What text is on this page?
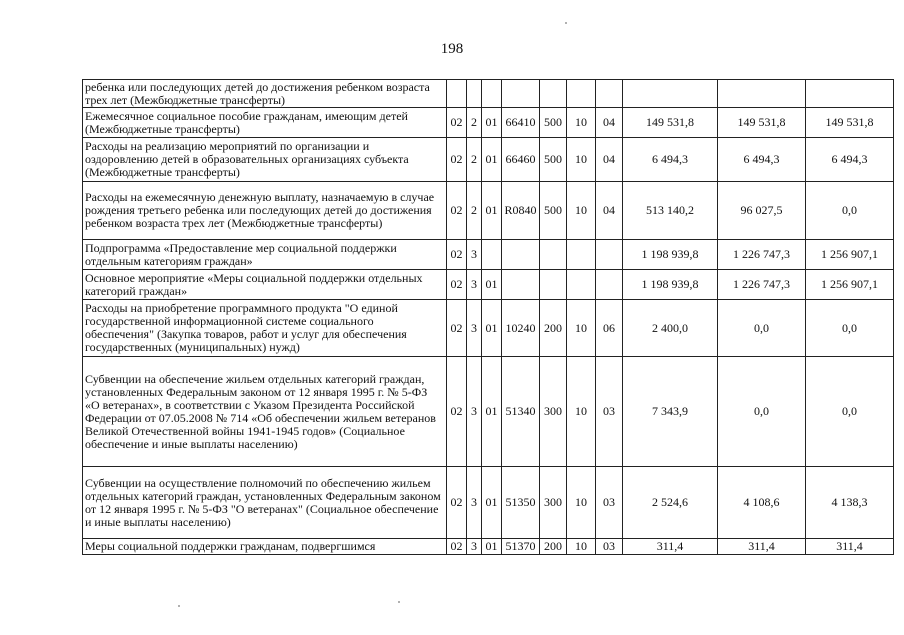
198
ребенка или последующих детей до достижения ребенком возраста трех лет (Межбюджетные трансферты)										
Ежемесячное социальное пособие гражданам, имеющим детей (Межбюджетные трансферты)	02	2	01	66410	500	10	04	149 531,8	149 531,8	149 531,8
Расходы на реализацию мероприятий по организации и оздоровлению детей в образовательных организациях субъекта (Межбюджетные трансферты)	02	2	01	66460	500	10	04	6 494,3	6 494,3	6 494,3
Расходы на ежемесячную денежную выплату, назначаемую в случае рождения третьего ребенка или последующих детей до достижения ребенком возраста трех лет (Межбюджетные трансферты)	02	2	01	R0840	500	10	04	513 140,2	96 027,5	0,0
Подпрограмма «Предоставление мер социальной поддержки отдельным категориям граждан»	02	3						1 198 939,8	1 226 747,3	1 256 907,1
Основное мероприятие «Меры социальной поддержки отдельных категорий граждан»	02	3	01					1 198 939,8	1 226 747,3	1 256 907,1
Расходы на приобретение программного продукта "О единой государственной информационной системе социального обеспечения" (Закупка товаров, работ и услуг для обеспечения государственных (муниципальных) нужд)	02	3	01	10240	200	10	06	2 400,0	0,0	0,0
Субвенции на обеспечение жильем отдельных категорий граждан, установленных Федеральным законом от 12 января 1995 г. № 5-ФЗ «О ветеранах», в соответствии с Указом Президента Российской Федерации от 07.05.2008 № 714 «Об обеспечении жильем ветеранов Великой Отечественной войны 1941-1945 годов» (Социальное обеспечение и иные выплаты населению)	02	3	01	51340	300	10	03	7 343,9	0,0	0,0
Субвенции на осуществление полномочий по обеспечению жильем отдельных категорий граждан, установленных Федеральным законом от 12 января 1995 г. № 5-ФЗ "О ветеранах" (Социальное обеспечение и иные выплаты населению)	02	3	01	51350	300	10	03	2 524,6	4 108,6	4 138,3
Меры социальной поддержки гражданам, подвергшимся	02	3	01	51370	200	10	03	311,4	311,4	311,4
